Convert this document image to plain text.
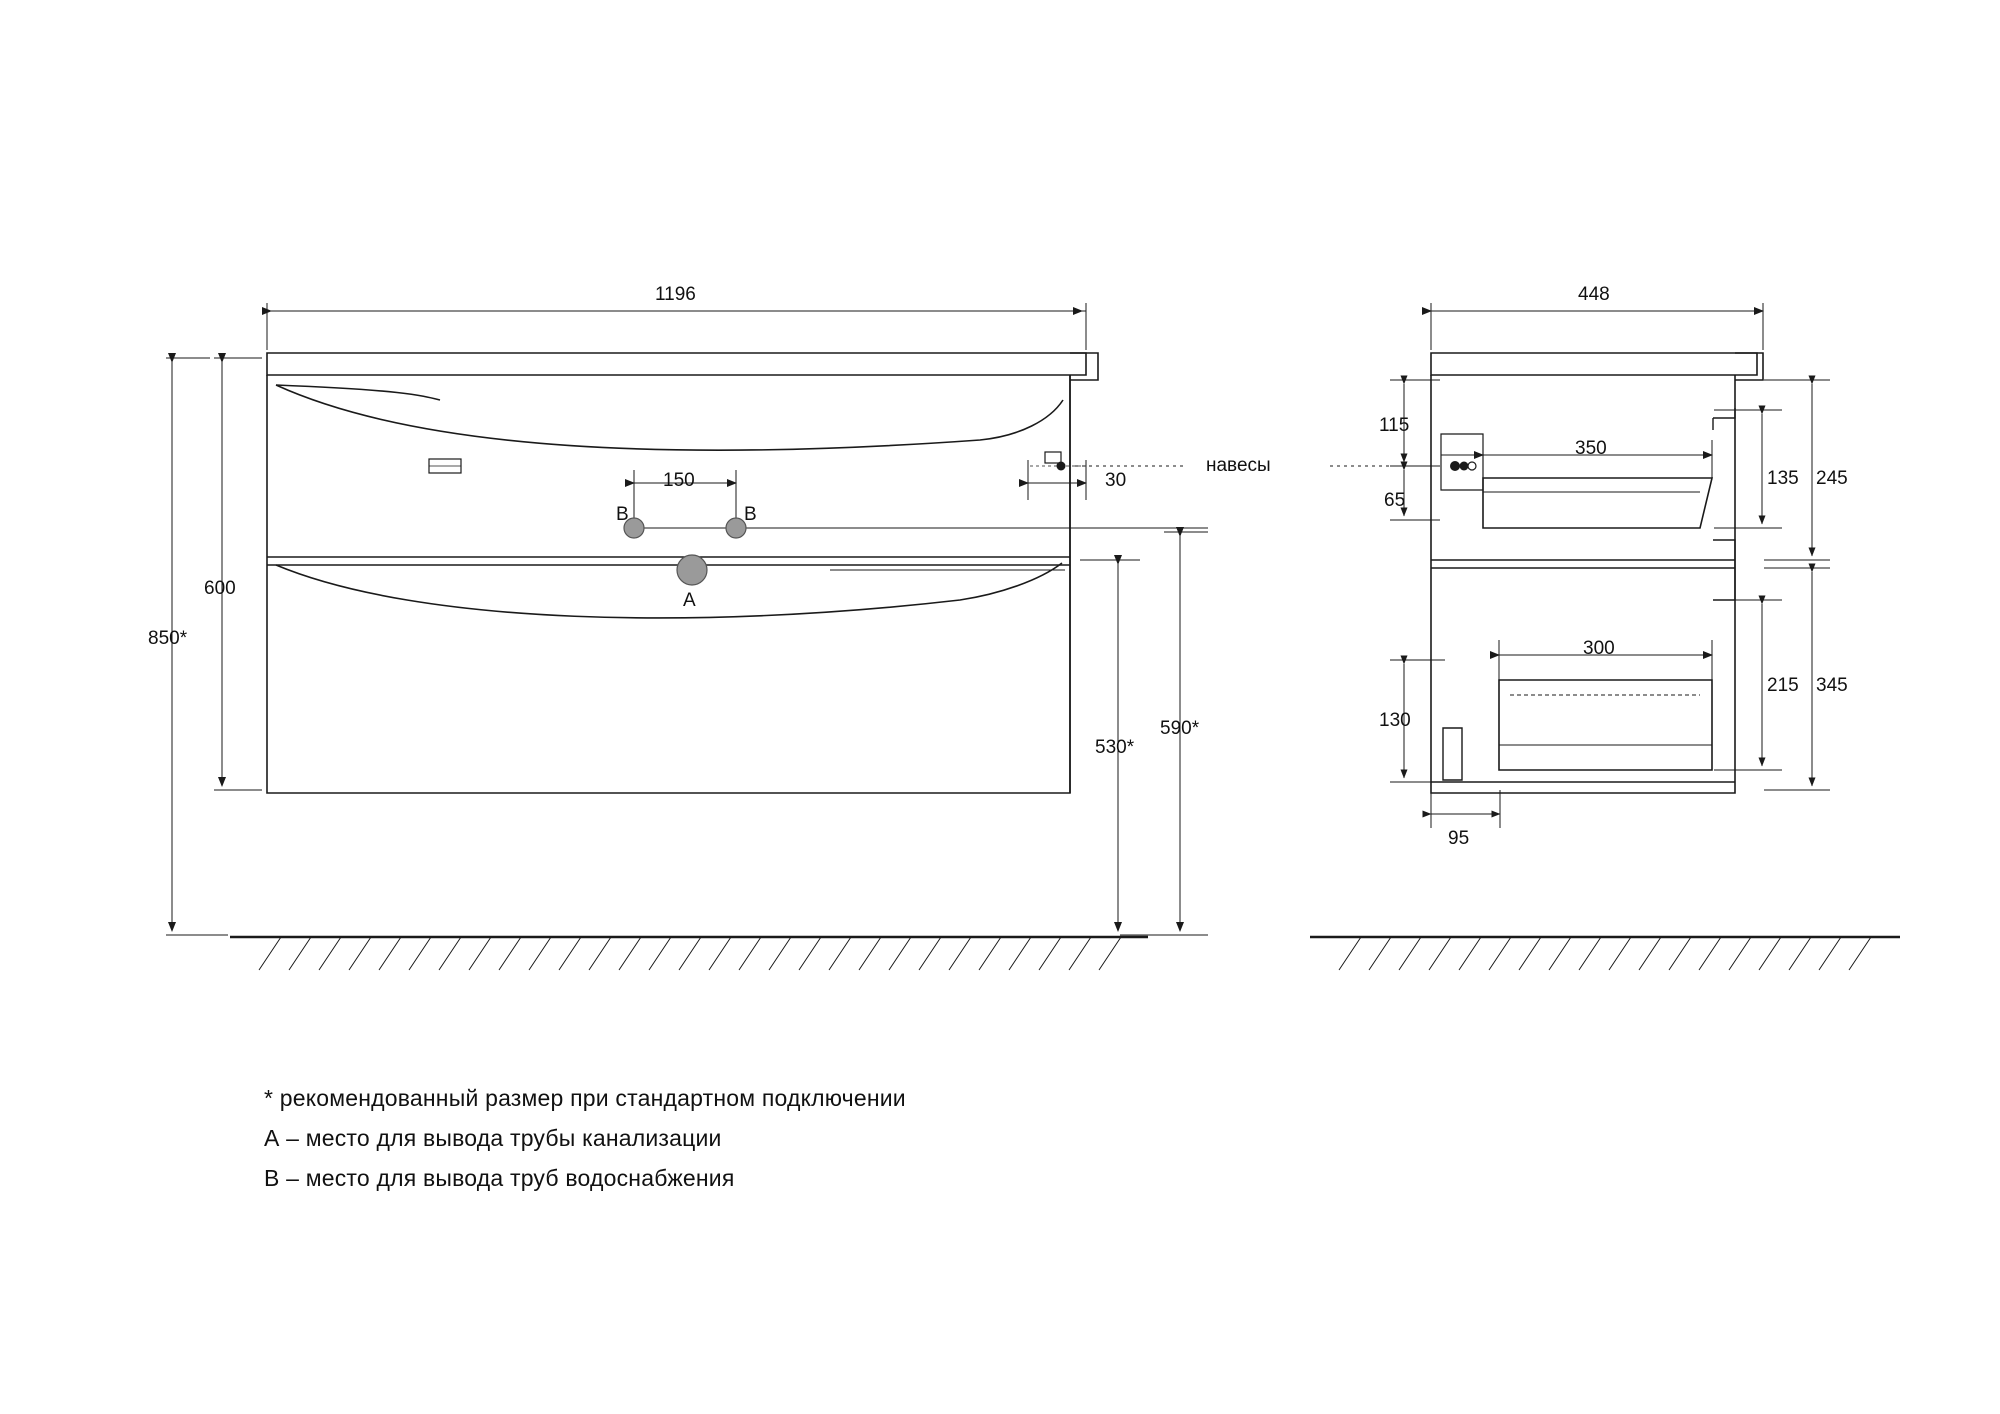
1196
600
850*
150	30
530*
590*
B	B
A
навесы
448
115
65
350
135 245
300
215 345
130
95
* рекомендованный размер при стандартном подключении
А – место для вывода трубы канализации
В – место для вывода труб водоснабжения
